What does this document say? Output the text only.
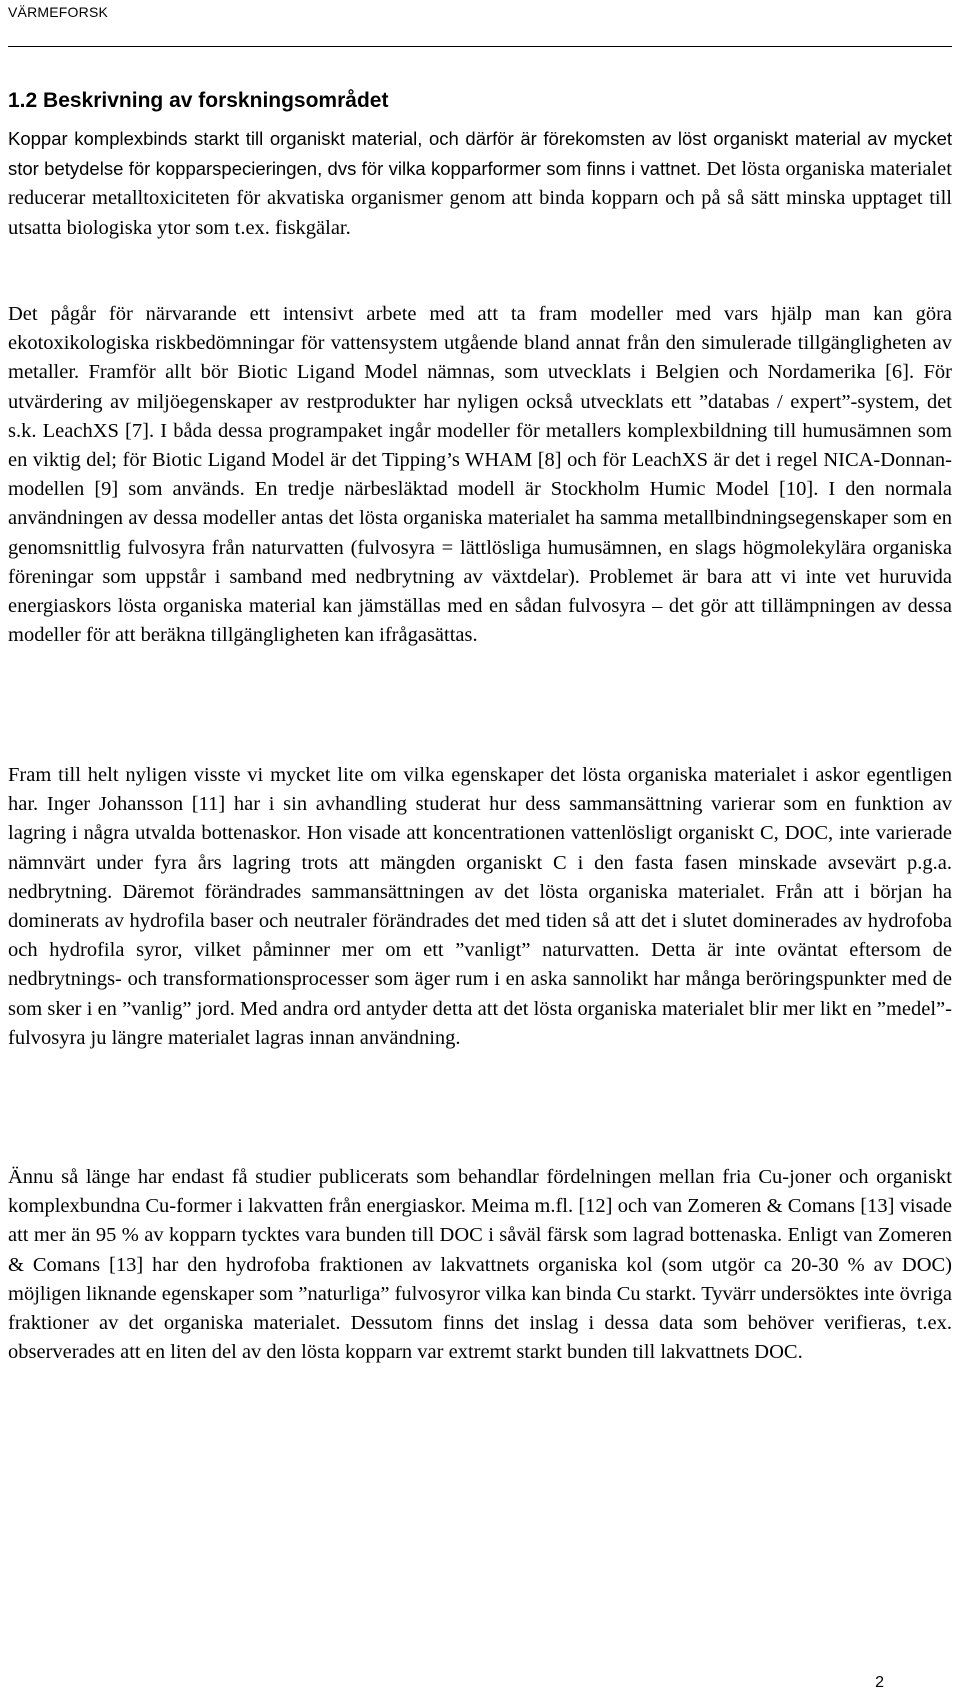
VÄRMEFORSK
1.2 Beskrivning av forskningsområdet

Koppar komplexbinds starkt till organiskt material, och därför är förekomsten av löst organiskt material av mycket stor betydelse för kopparspecieringen, dvs för vilka kopparformer som finns i vattnet. Det lösta organiska materialet reducerar metalltoxiciteten för akvatiska organismer genom att binda kopparn och på så sätt minska upptaget till utsatta biologiska ytor som t.ex. fiskgälar.

Det pågår för närvarande ett intensivt arbete med att ta fram modeller med vars hjälp man kan göra ekotoxikologiska riskbedömningar för vattensystem utgående bland annat från den simulerade tillgängligheten av metaller. Framför allt bör Biotic Ligand Model nämnas, som utvecklats i Belgien och Nordamerika [6]. För utvärdering av miljöegenskaper av restprodukter har nyligen också utvecklats ett ”databas / expert”-system, det s.k. LeachXS [7]. I båda dessa programpaket ingår modeller för metallers komplexbildning till humusämnen som en viktig del; för Biotic Ligand Model är det Tipping’s WHAM [8] och för LeachXS är det i regel NICA-Donnan-modellen [9] som används. En tredje närbesläktad modell är Stockholm Humic Model [10]. I den normala användningen av dessa modeller antas det lösta organiska materialet ha samma metallbindningsegenskaper som en genomsnittlig fulvosyra från naturvatten (fulvosyra = lättlösliga humusämnen, en slags högmolekylära organiska föreningar som uppstår i samband med nedbrytning av växtdelar). Problemet är bara att vi inte vet huruvida energiaskors lösta organiska material kan jämställas med en sådan fulvosyra – det gör att tillämpningen av dessa modeller för att beräkna tillgängligheten kan ifrågasättas.

Fram till helt nyligen visste vi mycket lite om vilka egenskaper det lösta organiska materialet i askor egentligen har. Inger Johansson [11] har i sin avhandling studerat hur dess sammansättning varierar som en funktion av lagring i några utvalda bottenaskor. Hon visade att koncentrationen vattenlösligt organiskt C, DOC, inte varierade nämnvärt under fyra års lagring trots att mängden organiskt C i den fasta fasen minskade avsevärt p.g.a. nedbrytning. Däremot förändrades sammansättningen av det lösta organiska materialet. Från att i början ha dominerats av hydrofila baser och neutraler förändrades det med tiden så att det i slutet dominerades av hydrofoba och hydrofila syror, vilket påminner mer om ett ”vanligt” naturvatten. Detta är inte oväntat eftersom de nedbrytnings- och transformationsprocesser som äger rum i en aska sannolikt har många beröringspunkter med de som sker i en ”vanlig” jord. Med andra ord antyder detta att det lösta organiska materialet blir mer likt en ”medel”-fulvosyra ju längre materialet lagras innan användning.

Ännu så länge har endast få studier publicerats som behandlar fördelningen mellan fria Cu-joner och organiskt komplexbundna Cu-former i lakvatten från energiaskor. Meima m.fl. [12] och van Zomeren & Comans [13] visade att mer än 95 % av kopparn tycktes vara bunden till DOC i såväl färsk som lagrad bottenaska. Enligt van Zomeren & Comans [13] har den hydrofoba fraktionen av lakvattnets organiska kol (som utgör ca 20-30 % av DOC) möjligen liknande egenskaper som ”naturliga” fulvosyror vilka kan binda Cu starkt. Tyvärr undersöktes inte övriga fraktioner av det organiska materialet. Dessutom finns det inslag i dessa data som behöver verifieras, t.ex. observerades att en liten del av den lösta kopparn var extremt starkt bunden till lakvattnets DOC.

2
